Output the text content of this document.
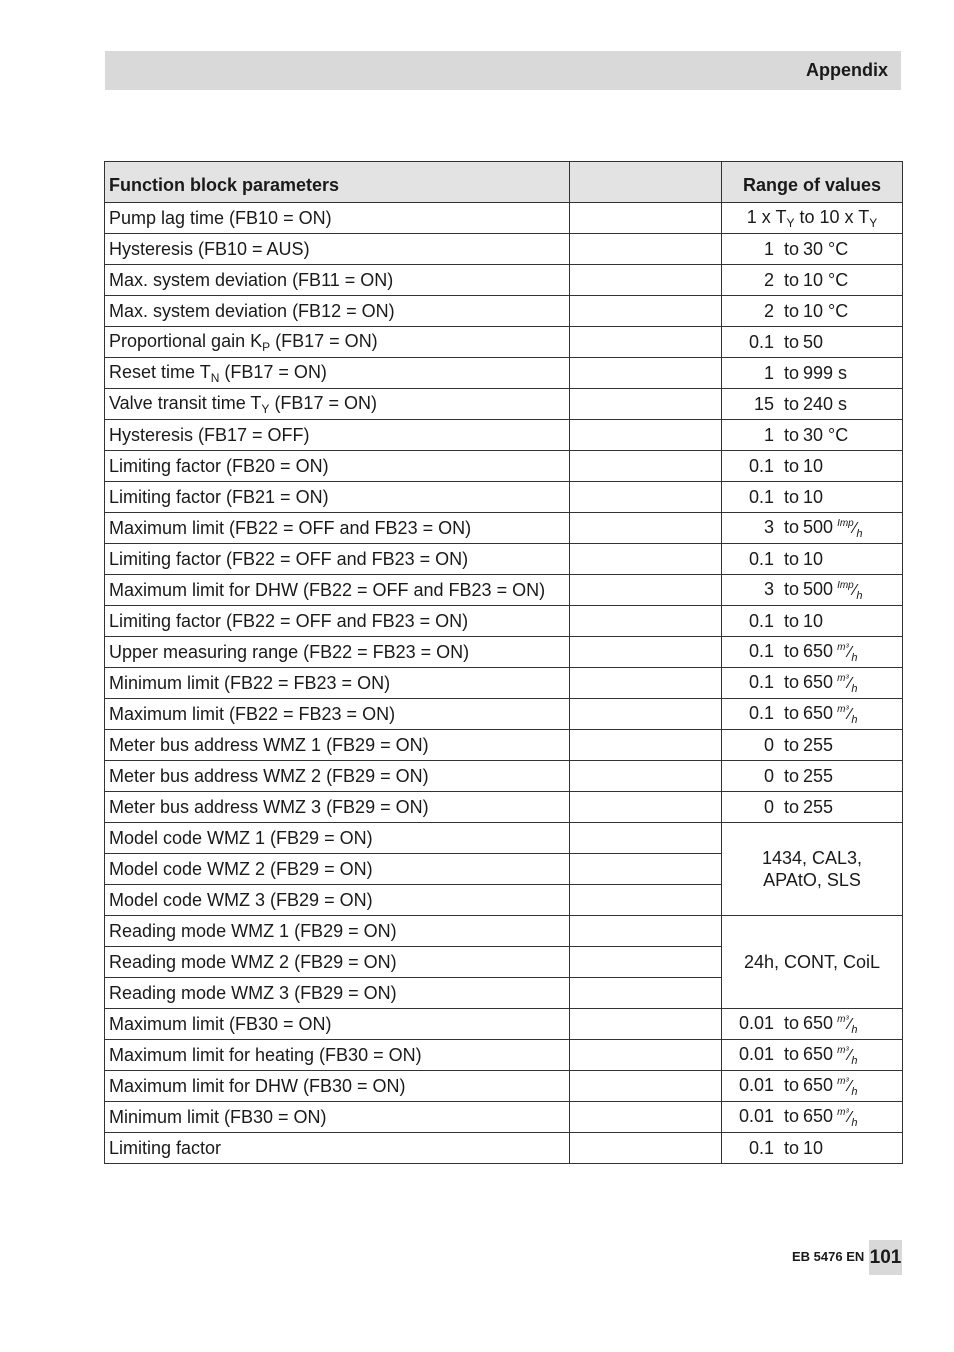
Appendix
Function block parameters		Range of values
Pump lag time (FB10 = ON)		1 x $T_Y$ to 10 x $T_Y$
Hysteresis (FB10 = AUS)		1 to 30 °C
Max. system deviation (FB11 = ON)		2 to 10 °C
Max. system deviation (FB12 = ON)		2 to 10 °C
Proportional gain $K_P$ (FB17 = ON)		0.1 to 50
Reset time $T_N$ (FB17 = ON)		1 to 999 s
Valve transit time $T_Y$ (FB17 = ON)		15 to 240 s
Hysteresis (FB17 = OFF)		1 to 30 °C
Limiting factor (FB20 = ON)		0.1 to 10
Limiting factor (FB21 = ON)		0.1 to 10
Maximum limit (FB22 = OFF and FB23 = ON)		3 to 500 $^{Imp}⁄_h$
Limiting factor (FB22 = OFF and FB23 = ON)		0.1 to 10
Maximum limit for DHW (FB22 = OFF and FB23 = ON)		3 to 500 $^{Imp}⁄_h$
Limiting factor (FB22 = OFF and FB23 = ON)		0.1 to 10
Upper measuring range (FB22 = FB23 = ON)		0.1 to 650 $^{m^3}⁄_h$
Minimum limit (FB22 = FB23 = ON)		0.1 to 650 $^{m^3}⁄_h$
Maximum limit (FB22 = FB23 = ON)		0.1 to 650 $^{m^3}⁄_h$
Meter bus address WMZ 1 (FB29 = ON)		0 to 255
Meter bus address WMZ 2 (FB29 = ON)		0 to 255
Meter bus address WMZ 3 (FB29 = ON)		0 to 255
Model code WMZ 1 (FB29 = ON)		1434, CAL3,
APAtO, SLS
Model code WMZ 2 (FB29 = ON)		
Model code WMZ 3 (FB29 = ON)		
Reading mode WMZ 1 (FB29 = ON)		24h, CONT, CoiL
Reading mode WMZ 2 (FB29 = ON)		
Reading mode WMZ 3 (FB29 = ON)		
Maximum limit (FB30 = ON)		0.01 to 650 $^{m^3}⁄_h$
Maximum limit for heating (FB30 = ON)		0.01 to 650 $^{m^3}⁄_h$
Maximum limit for DHW (FB30 = ON)		0.01 to 650 $^{m^3}⁄_h$
Minimum limit (FB30 = ON)		0.01 to 650 $^{m^3}⁄_h$
Limiting factor		0.1 to 10
EB 5476 EN 101
